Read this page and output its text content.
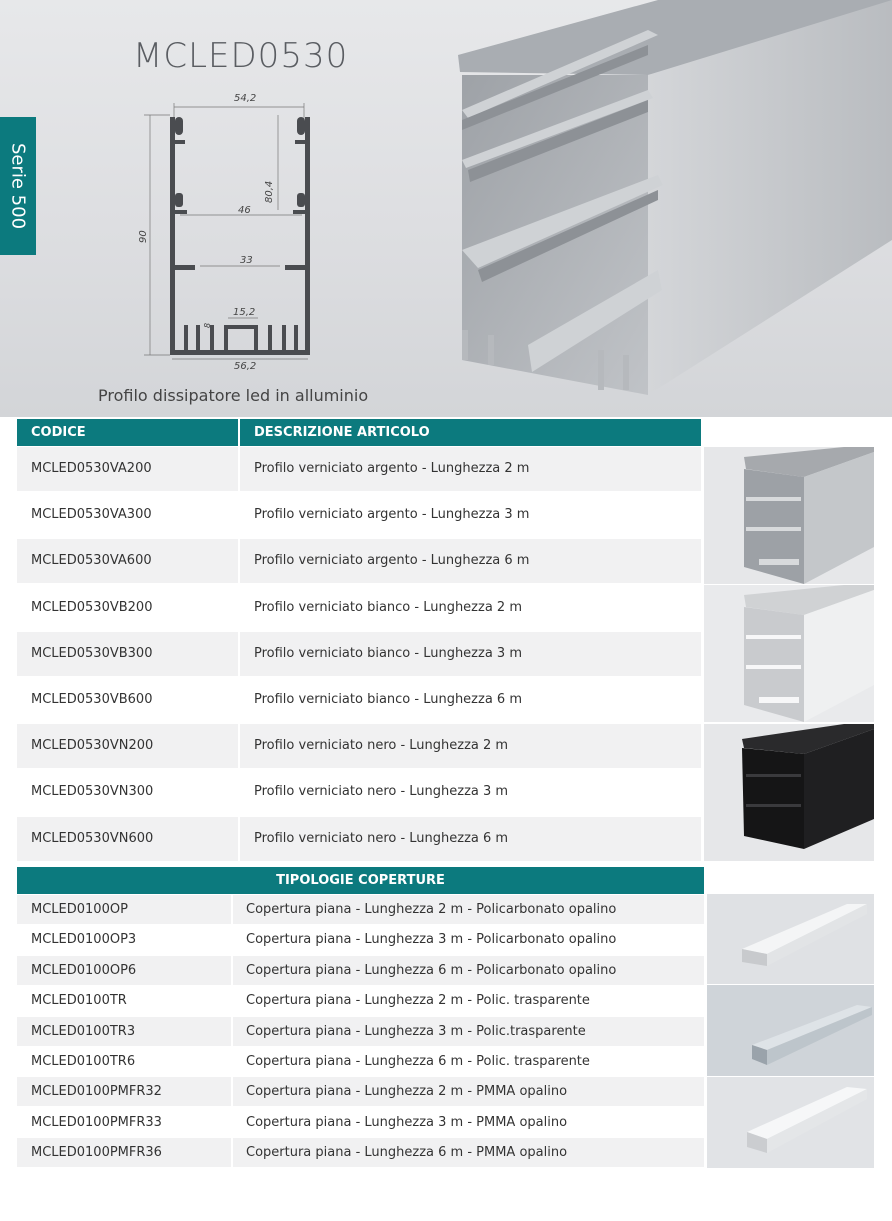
MCLED0530
Serie 500
54,2
80,4
46
90
33
15,2
8
56,2
Profilo dissipatore led in alluminio
CODICE	DESCRIZIONE ARTICOLO
MCLED0530VA200	Profilo verniciato argento - Lunghezza 2 m
MCLED0530VA300	Profilo verniciato argento - Lunghezza 3 m
MCLED0530VA600	Profilo verniciato argento - Lunghezza 6 m
MCLED0530VB200	Profilo verniciato bianco - Lunghezza 2 m
MCLED0530VB300	Profilo verniciato bianco - Lunghezza 3 m
MCLED0530VB600	Profilo verniciato bianco - Lunghezza 6 m
MCLED0530VN200	Profilo verniciato nero - Lunghezza 2 m
MCLED0530VN300	Profilo verniciato nero - Lunghezza 3 m
MCLED0530VN600	Profilo verniciato nero - Lunghezza 6 m
TIPOLOGIE COPERTURE
MCLED0100OP	Copertura piana - Lunghezza 2 m - Policarbonato opalino
MCLED0100OP3	Copertura piana - Lunghezza 3 m - Policarbonato opalino
MCLED0100OP6	Copertura piana - Lunghezza 6 m - Policarbonato opalino
MCLED0100TR	Copertura piana - Lunghezza 2 m - Polic. trasparente
MCLED0100TR3	Copertura piana - Lunghezza 3 m - Polic.trasparente
MCLED0100TR6	Copertura piana - Lunghezza 6 m - Polic. trasparente
MCLED0100PMFR32	Copertura piana - Lunghezza 2 m - PMMA opalino
MCLED0100PMFR33	Copertura piana - Lunghezza 3 m - PMMA opalino
MCLED0100PMFR36	Copertura piana - Lunghezza 6 m - PMMA opalino
